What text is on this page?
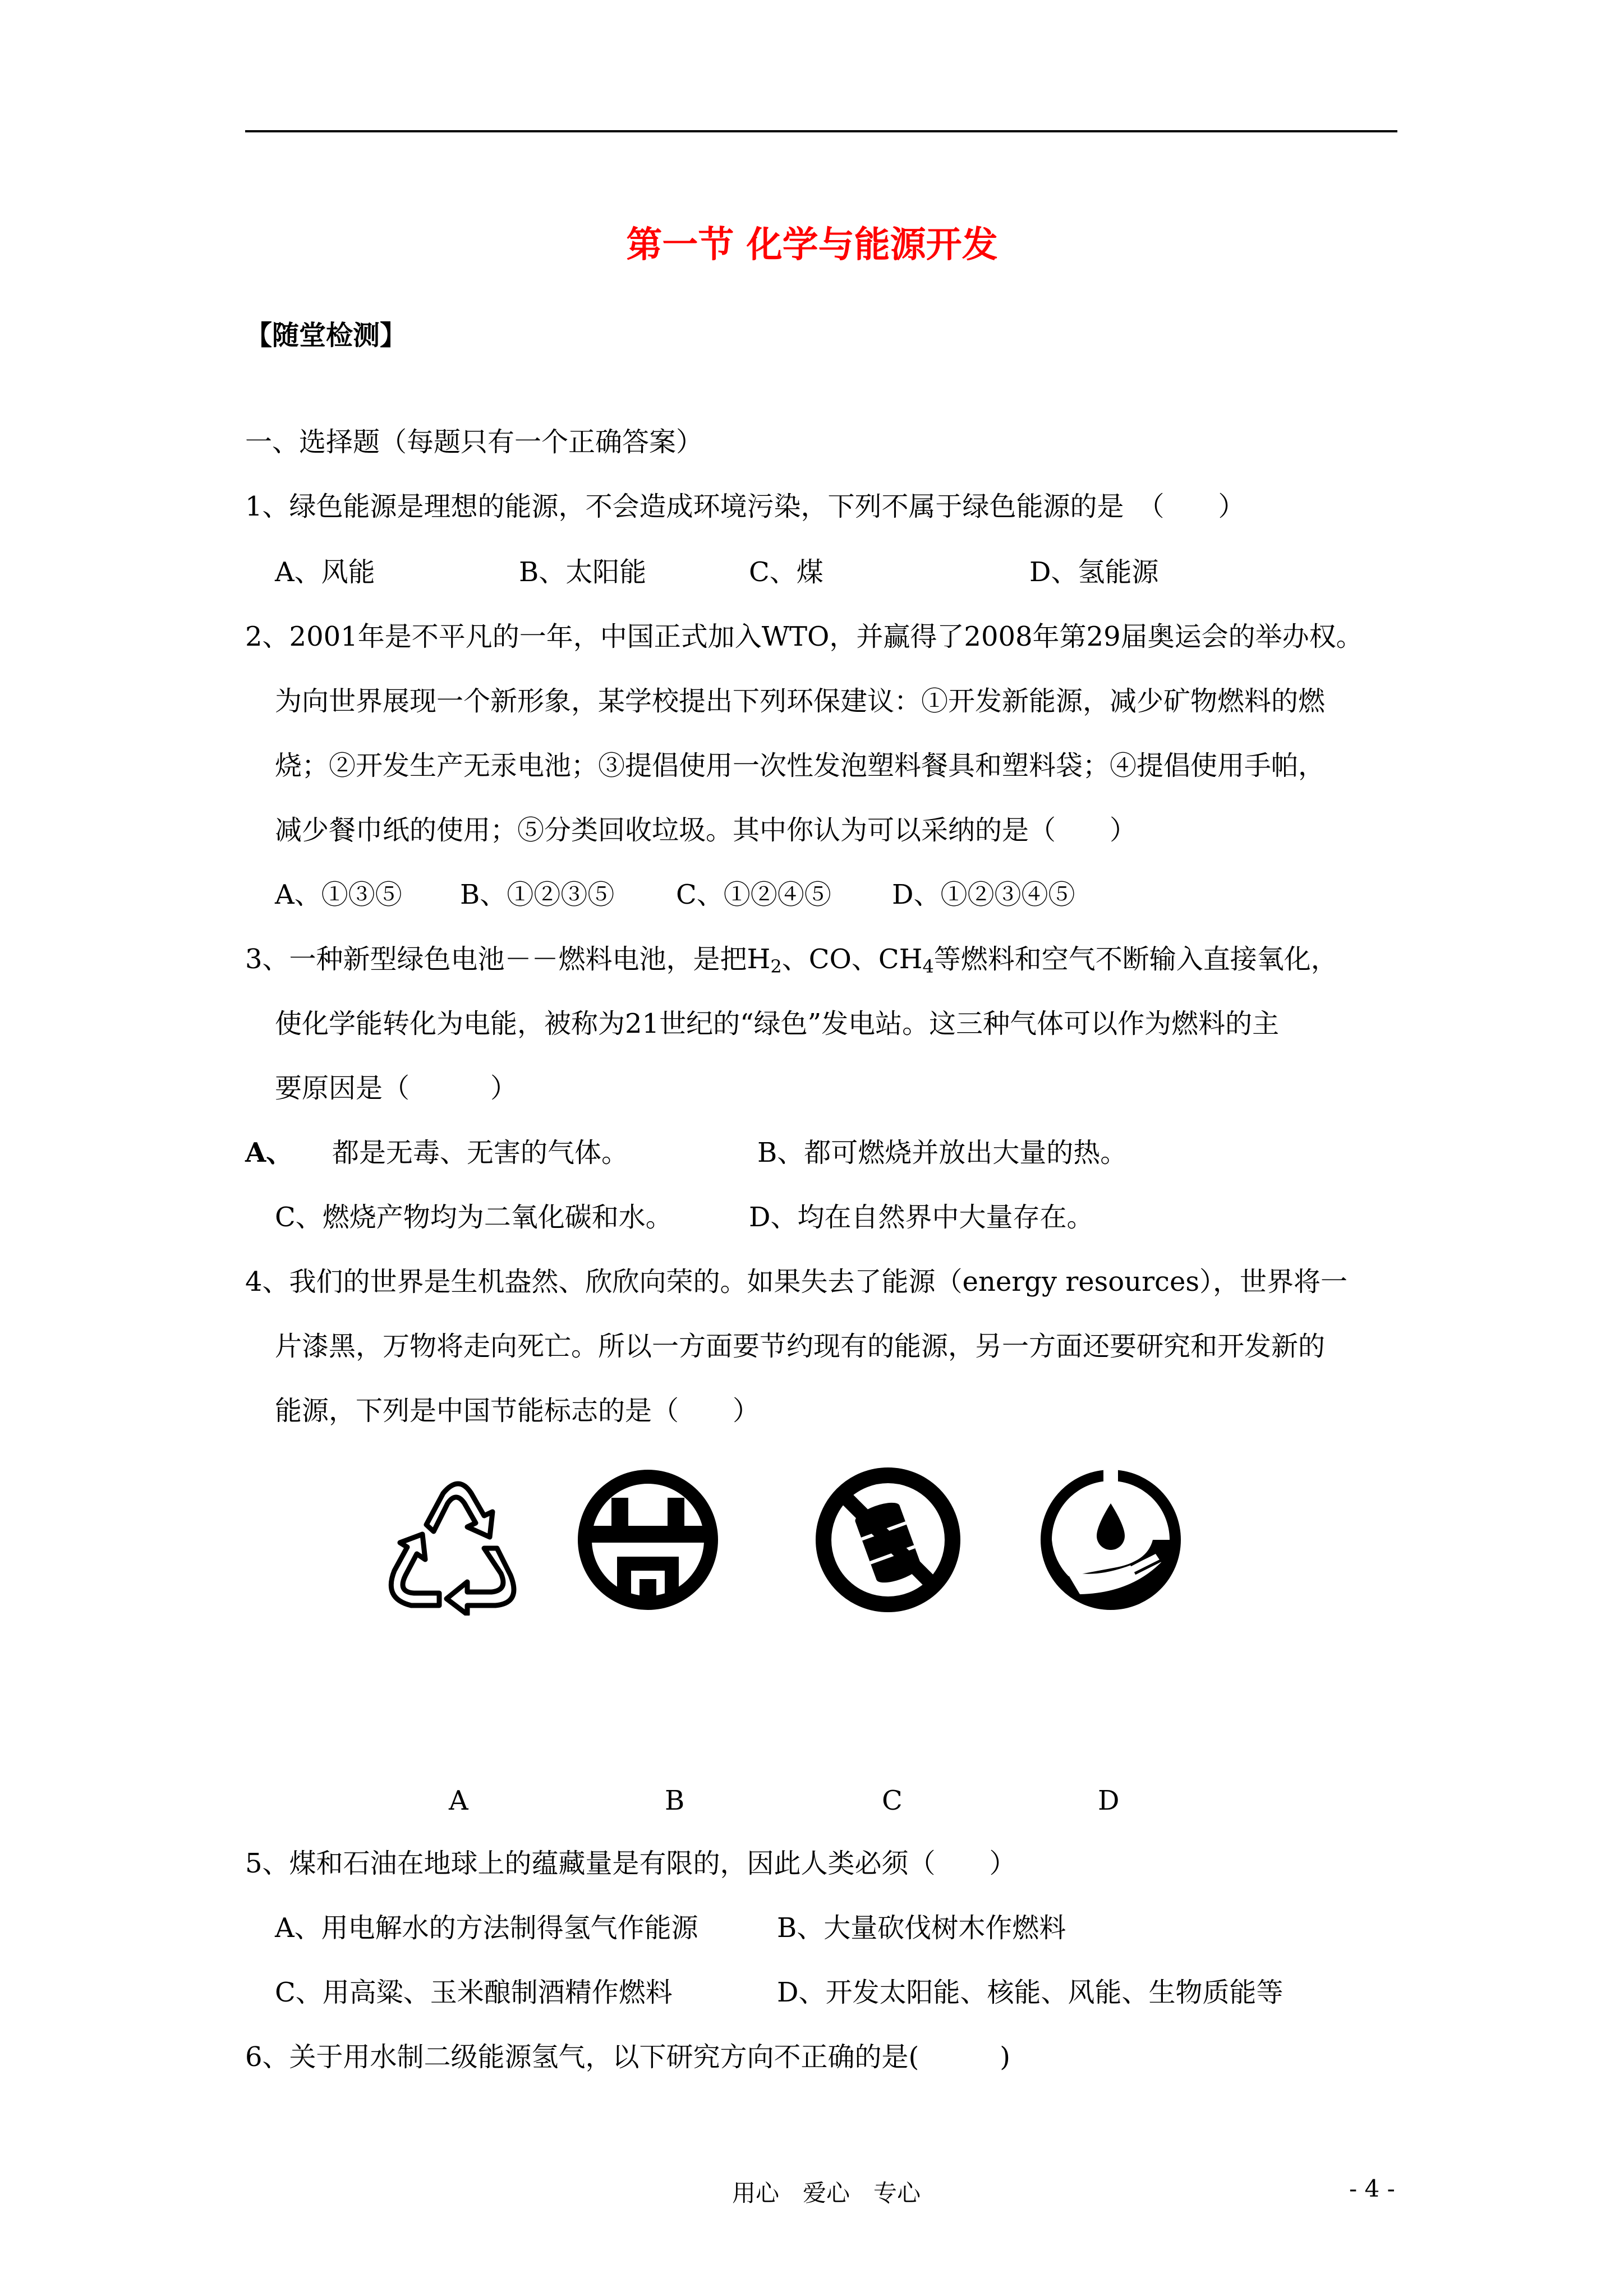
第一节 化学与能源开发
【随堂检测】
一、选择题（每题只有一个正确答案）
1、绿色能源是理想的能源，不会造成环境污染，下列不属于绿色能源的是　（　　）
A、风能	B、太阳能	C、煤	D、氢能源
2、2001年是不平凡的一年，中国正式加入WTO，并赢得了2008年第29届奥运会的举办权。
为向世界展现一个新形象，某学校提出下列环保建议：①开发新能源，减少矿物燃料的燃
烧；②开发生产无汞电池；③提倡使用一次性发泡塑料餐具和塑料袋；④提倡使用手帕，
减少餐巾纸的使用；⑤分类回收垃圾。其中你认为可以采纳的是（　　）
A、①③⑤ B、①②③⑤ C、①②④⑤ D、①②③④⑤
3、一种新型绿色电池－－燃料电池，是把$H_2$、CO、$CH_4$等燃料和空气不断输入直接氧化，
使化学能转化为电能，被称为21世纪的“绿色”发电站。这三种气体可以作为燃料的主
要原因是（　　　）
A、 都是无毒、无害的气体。	B、都可燃烧并放出大量的热。
C、燃烧产物均为二氧化碳和水。	D、均在自然界中大量存在。
4、我们的世界是生机盎然、欣欣向荣的。如果失去了能源（energy resources），世界将一
片漆黑，万物将走向死亡。所以一方面要节约现有的能源，另一方面还要研究和开发新的
能源，下列是中国节能标志的是（　　）
A	B	C	D
5、煤和石油在地球上的蕴藏量是有限的，因此人类必须（　　）
A、用电解水的方法制得氢气作能源	B、大量砍伐树木作燃料
C、用高粱、玉米酿制酒精作燃料	D、开发太阳能、核能、风能、生物质能等
6、关于用水制二级能源氢气，以下研究方向不正确的是(　　　)
用心　爱心　专心	- 4 -
